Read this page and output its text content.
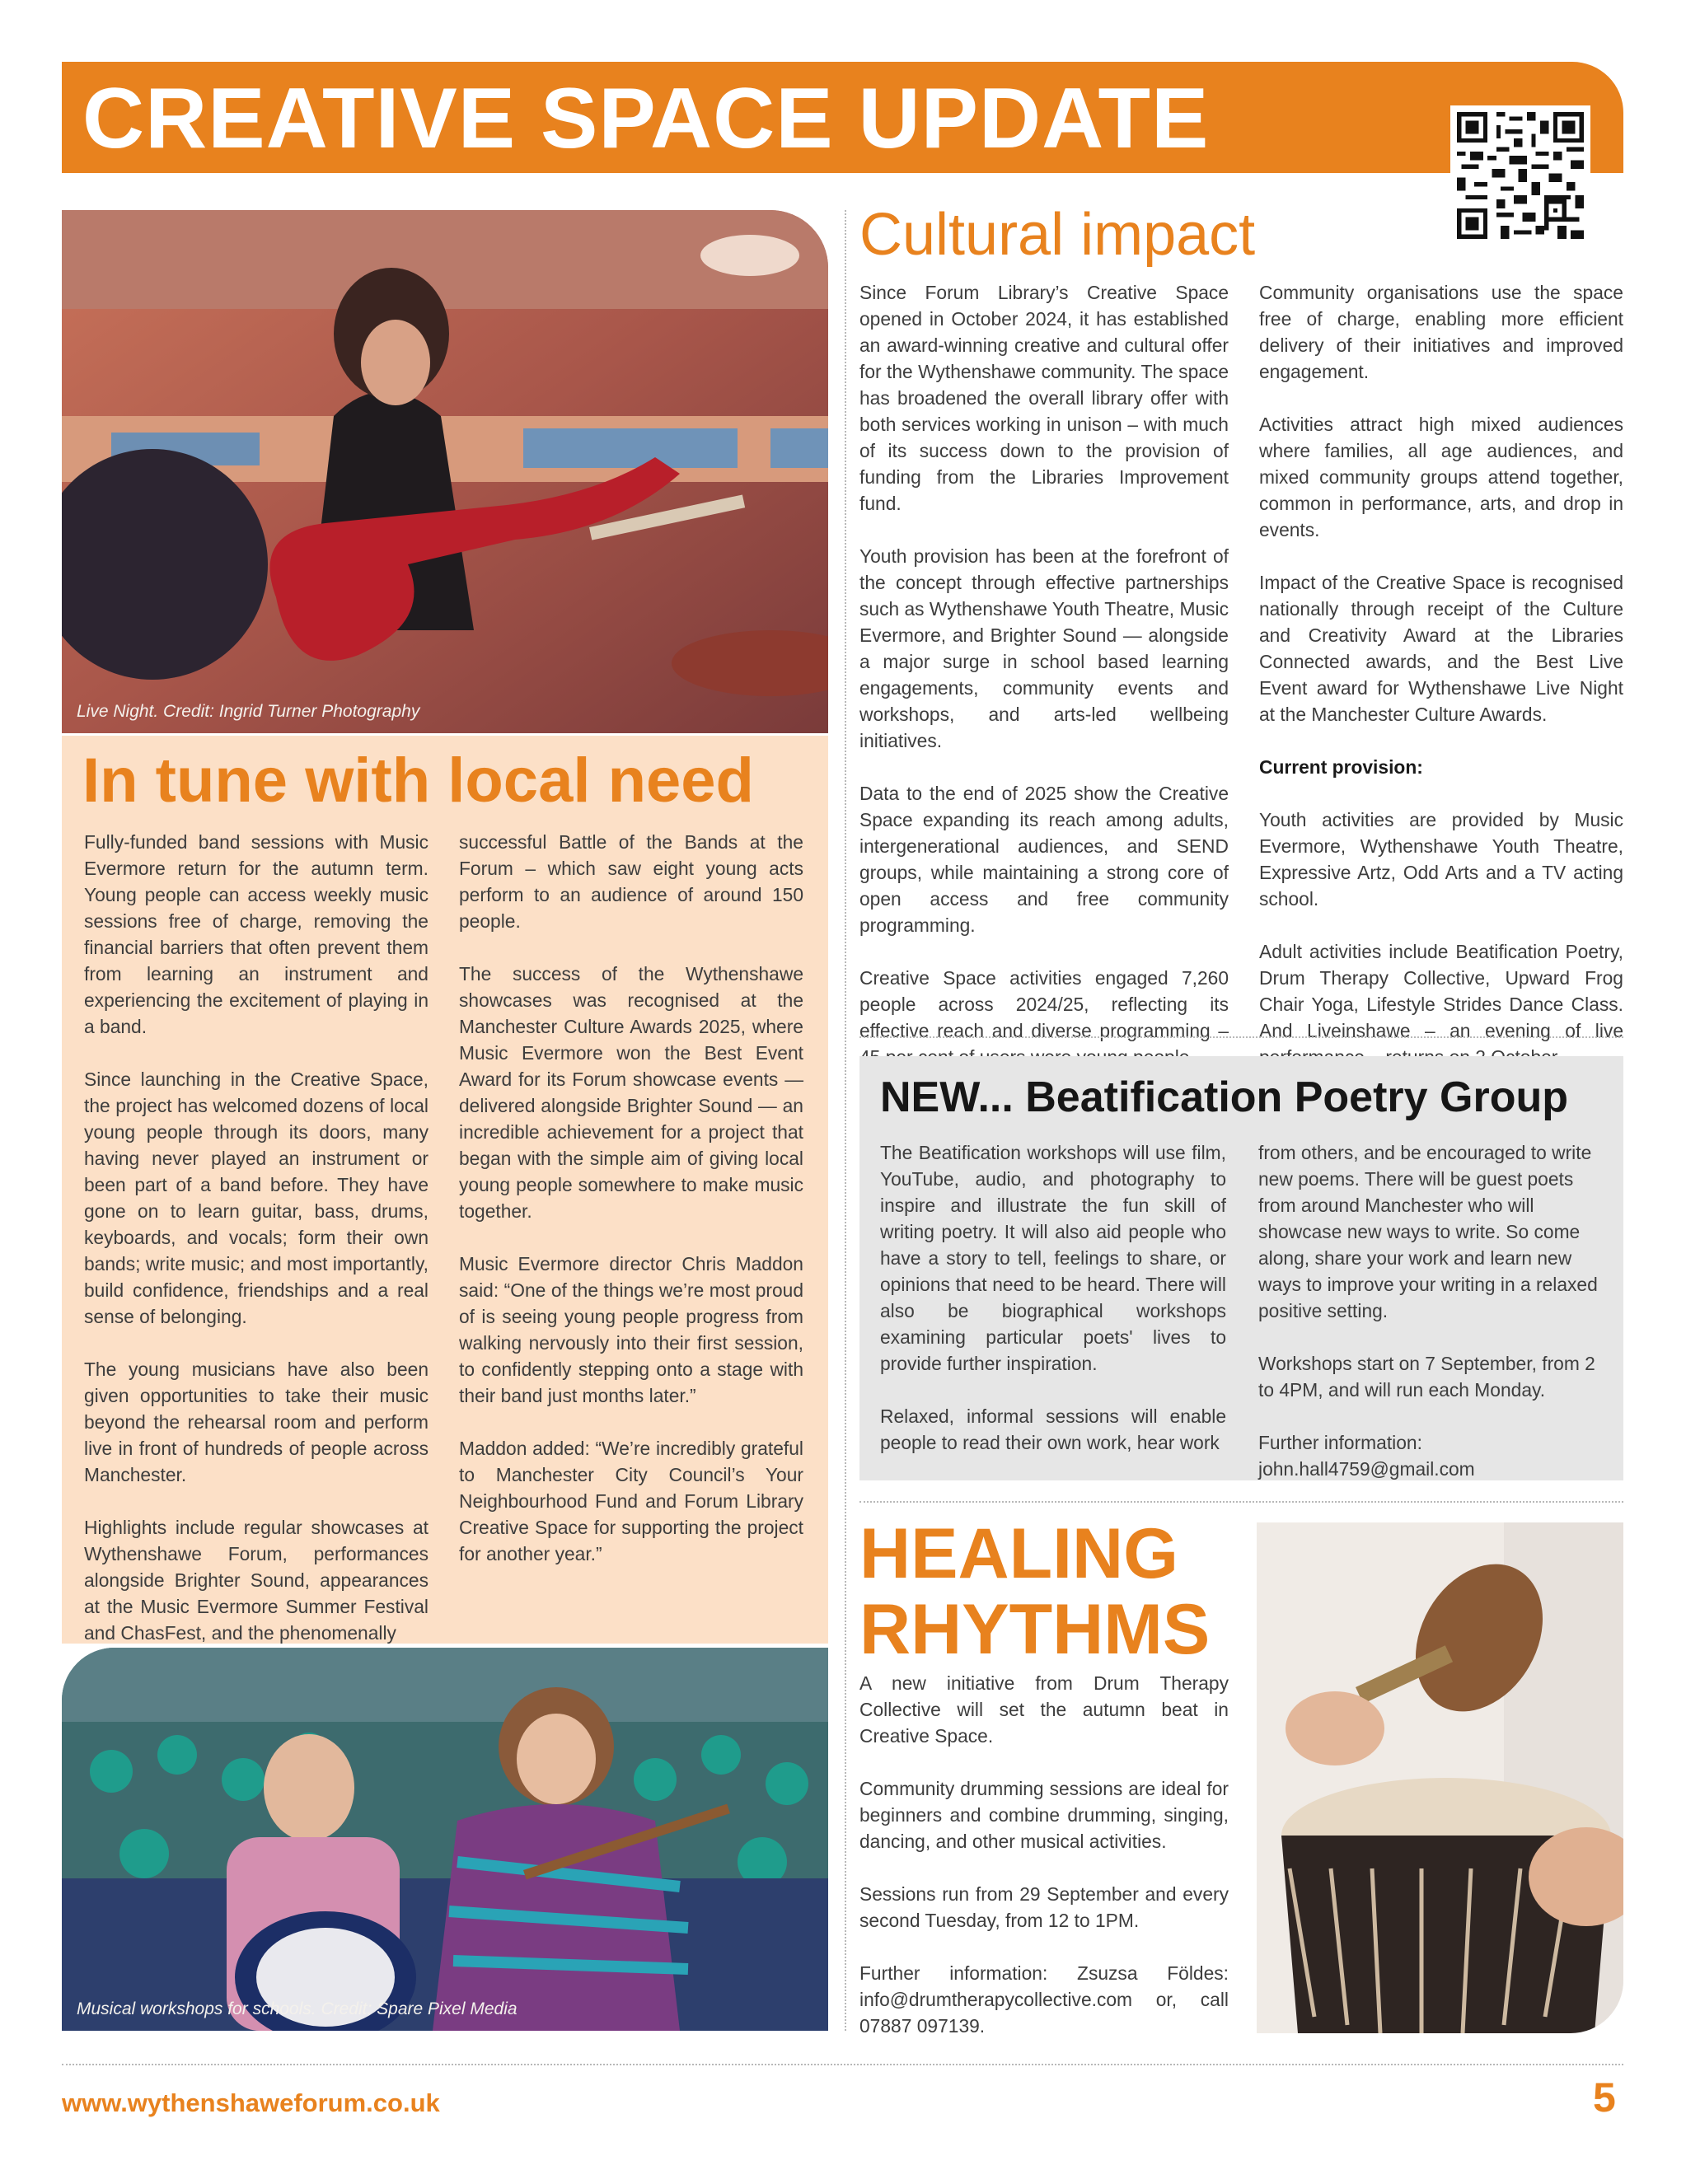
CREATIVE SPACE UPDATE
Live Night. Credit: Ingrid Turner Photography
In tune with local need

Fully-funded band sessions with Music Evermore return for the autumn term. Young people can access weekly music sessions free of charge, removing the financial barriers that often prevent them from learning an instrument and experiencing the excitement of playing in a band.

Since launching in the Creative Space, the project has welcomed dozens of local young people through its doors, many having never played an instrument or been part of a band before. They have gone on to learn guitar, bass, drums, keyboards, and vocals; form their own bands; write music; and most importantly, build confidence, friendships and a real sense of belonging.

The young musicians have also been given opportunities to take their music beyond the rehearsal room and perform live in front of hundreds of people across Manchester.

Highlights include regular showcases at Wythenshawe Forum, performances alongside Brighter Sound, appearances at the Music Evermore Summer Festival and ChasFest, and the phenomenally

successful Battle of the Bands at the Forum – which saw eight young acts perform to an audience of around 150 people.

The success of the Wythenshawe showcases was recognised at the Manchester Culture Awards 2025, where Music Evermore won the Best Event Award for its Forum showcase events — delivered alongside Brighter Sound — an incredible achievement for a project that began with the simple aim of giving local young people somewhere to make music together.

Music Evermore director Chris Maddon said: “One of the things we’re most proud of is seeing young people progress from walking nervously into their first session, to confidently stepping onto a stage with their band just months later.”

Maddon added: “We’re incredibly grateful to Manchester City Council’s Your Neighbourhood Fund and Forum Library Creative Space for supporting the project for another year.”

Musical workshops for schools. Credit: Spare Pixel Media
Cultural impact

Since Forum Library’s Creative Space opened in October 2024, it has established an award-winning creative and cultural offer for the Wythenshawe community. The space has broadened the overall library offer with both services working in unison – with much of its success down to the provision of funding from the Libraries Improvement fund.

Youth provision has been at the forefront of the concept through effective partnerships such as Wythenshawe Youth Theatre, Music Evermore, and Brighter Sound — alongside a major surge in school based learning engagements, community events and workshops, and arts-led wellbeing initiatives.

Data to the end of 2025 show the Creative Space expanding its reach among adults, intergenerational audiences, and SEND groups, while maintaining a strong core of open access and free community programming.

Creative Space activities engaged 7,260 people across 2024/25, reflecting its effective reach and diverse programming –

Community organisations use the space free of charge, enabling more efficient delivery of their initiatives and improved engagement.

Activities attract high mixed audiences where families, all age audiences, and mixed community groups attend together, common in performance, arts, and drop in events.

Impact of the Creative Space is recognised nationally through receipt of the Culture and Creativity Award at the Libraries Connected awards, and the Best Live Event award for Wythenshawe Live Night at the Manchester Culture Awards.

Current provision:

Youth activities are provided by Music Evermore, Wythenshawe Youth Theatre, Expressive Artz, Odd Arts and a TV acting school.

Adult activities include Beatification Poetry, Drum Therapy Collective, Upward Frog Chair Yoga, Lifestyle Strides Dance Class. And Liveinshawe – an evening of live

NEW... Beatification Poetry Group

The Beatification workshops will use film, YouTube, audio, and photography to inspire and illustrate the fun skill of writing poetry. It will also aid people who have a story to tell, feelings to share, or opinions that need to be heard. There will also be biographical workshops examining particular poets' lives to provide further inspiration.

Relaxed, informal sessions will enable people to read their own work, hear work

from others, and be encouraged to write new poems. There will be guest poets from around Manchester who will showcase new ways to write. So come along, share your work and learn new ways to improve your writing in a relaxed positive setting.

Workshops start on 7 September, from 2 to 4PM, and will run each Monday.

Further information:

john.hall4759@gmail.com

HEALING
RHYTHMS

A new initiative from Drum Therapy Collective will set the autumn beat in Creative Space.

Community drumming sessions are ideal for beginners and combine drumming, singing, dancing, and other musical activities.

Sessions run from 29 September and every second Tuesday, from 12 to 1PM.

Further information: Zsuzsa Földes: info@drumtherapycollective.com or, call 07887 097139.

www.wythenshaweforum.co.uk	5
